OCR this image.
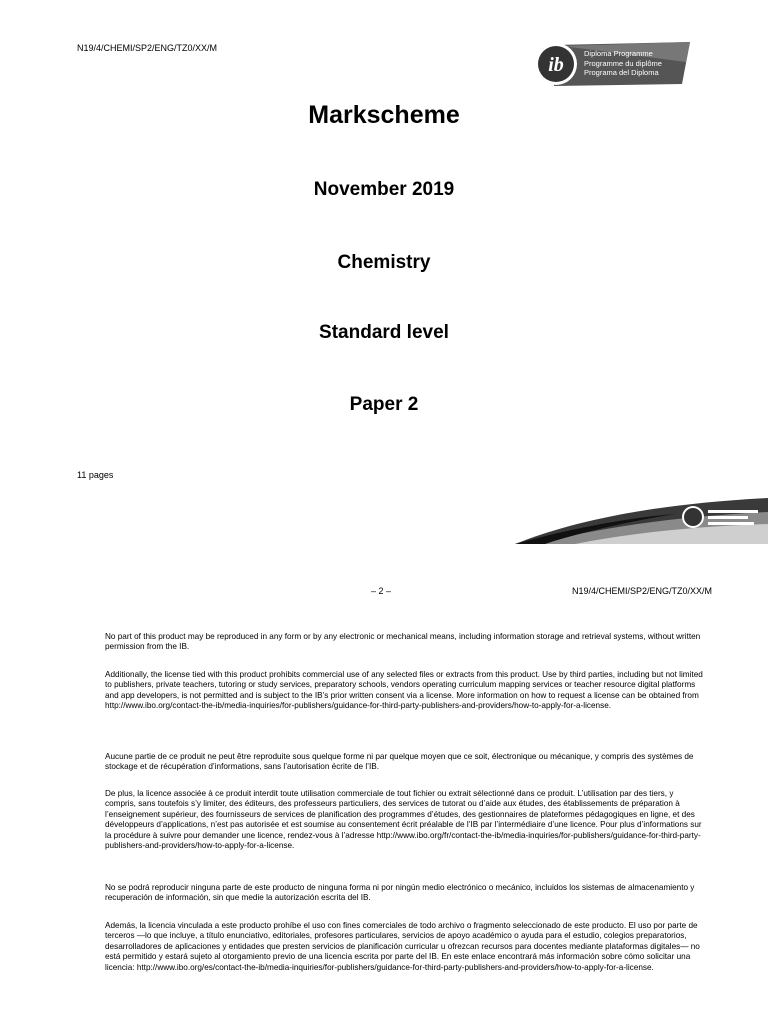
N19/4/CHEMI/SP2/ENG/TZ0/XX/M
ib
Diploma Programme
Programme du diplôme
Programa del Diploma
Markscheme
November 2019
Chemistry
Standard level
Paper 2
11 pages
– 2 –	N19/4/CHEMI/SP2/ENG/TZ0/XX/M

No part of this product may be reproduced in any form or by any electronic or mechanical means, including information storage and retrieval systems, without written permission from the IB.

Additionally, the license tied with this product prohibits commercial use of any selected files or extracts from this product. Use by third parties, including but not limited to publishers, private teachers, tutoring or study services, preparatory schools, vendors operating curriculum mapping services or teacher resource digital platforms and app developers, is not permitted and is subject to the IB’s prior written consent via a license. More information on how to request a license can be obtained from http://www.ibo.org/contact-the-ib/media-inquiries/for-publishers/guidance-for-third-party-publishers-and-providers/how-to-apply-for-a-license.

Aucune partie de ce produit ne peut être reproduite sous quelque forme ni par quelque moyen que ce soit, électronique ou mécanique, y compris des systèmes de stockage et de récupération d’informations, sans l’autorisation écrite de l’IB.

De plus, la licence associée à ce produit interdit toute utilisation commerciale de tout fichier ou extrait sélectionné dans ce produit. L’utilisation par des tiers, y compris, sans toutefois s’y limiter, des éditeurs, des professeurs particuliers, des services de tutorat ou d’aide aux études, des établissements de préparation à l’enseignement supérieur, des fournisseurs de services de planification des programmes d’études, des gestionnaires de plateformes pédagogiques en ligne, et des développeurs d’applications, n’est pas autorisée et est soumise au consentement écrit préalable de l’IB par l’intermédiaire d’une licence. Pour plus d’informations sur la procédure à suivre pour demander une licence, rendez-vous à l’adresse http://www.ibo.org/fr/contact-the-ib/media-inquiries/for-publishers/guidance-for-third-party-publishers-and-providers/how-to-apply-for-a-license.

No se podrá reproducir ninguna parte de este producto de ninguna forma ni por ningún medio electrónico o mecánico, incluidos los sistemas de almacenamiento y recuperación de información, sin que medie la autorización escrita del IB.

Además, la licencia vinculada a este producto prohíbe el uso con fines comerciales de todo archivo o fragmento seleccionado de este producto. El uso por parte de terceros —lo que incluye, a título enunciativo, editoriales, profesores particulares, servicios de apoyo académico o ayuda para el estudio, colegios preparatorios, desarrolladores de aplicaciones y entidades que presten servicios de planificación curricular u ofrezcan recursos para docentes mediante plataformas digitales— no está permitido y estará sujeto al otorgamiento previo de una licencia escrita por parte del IB. En este enlace encontrará más información sobre cómo solicitar una licencia: http://www.ibo.org/es/contact-the-ib/media-inquiries/for-publishers/guidance-for-third-party-publishers-and-providers/how-to-apply-for-a-license.
